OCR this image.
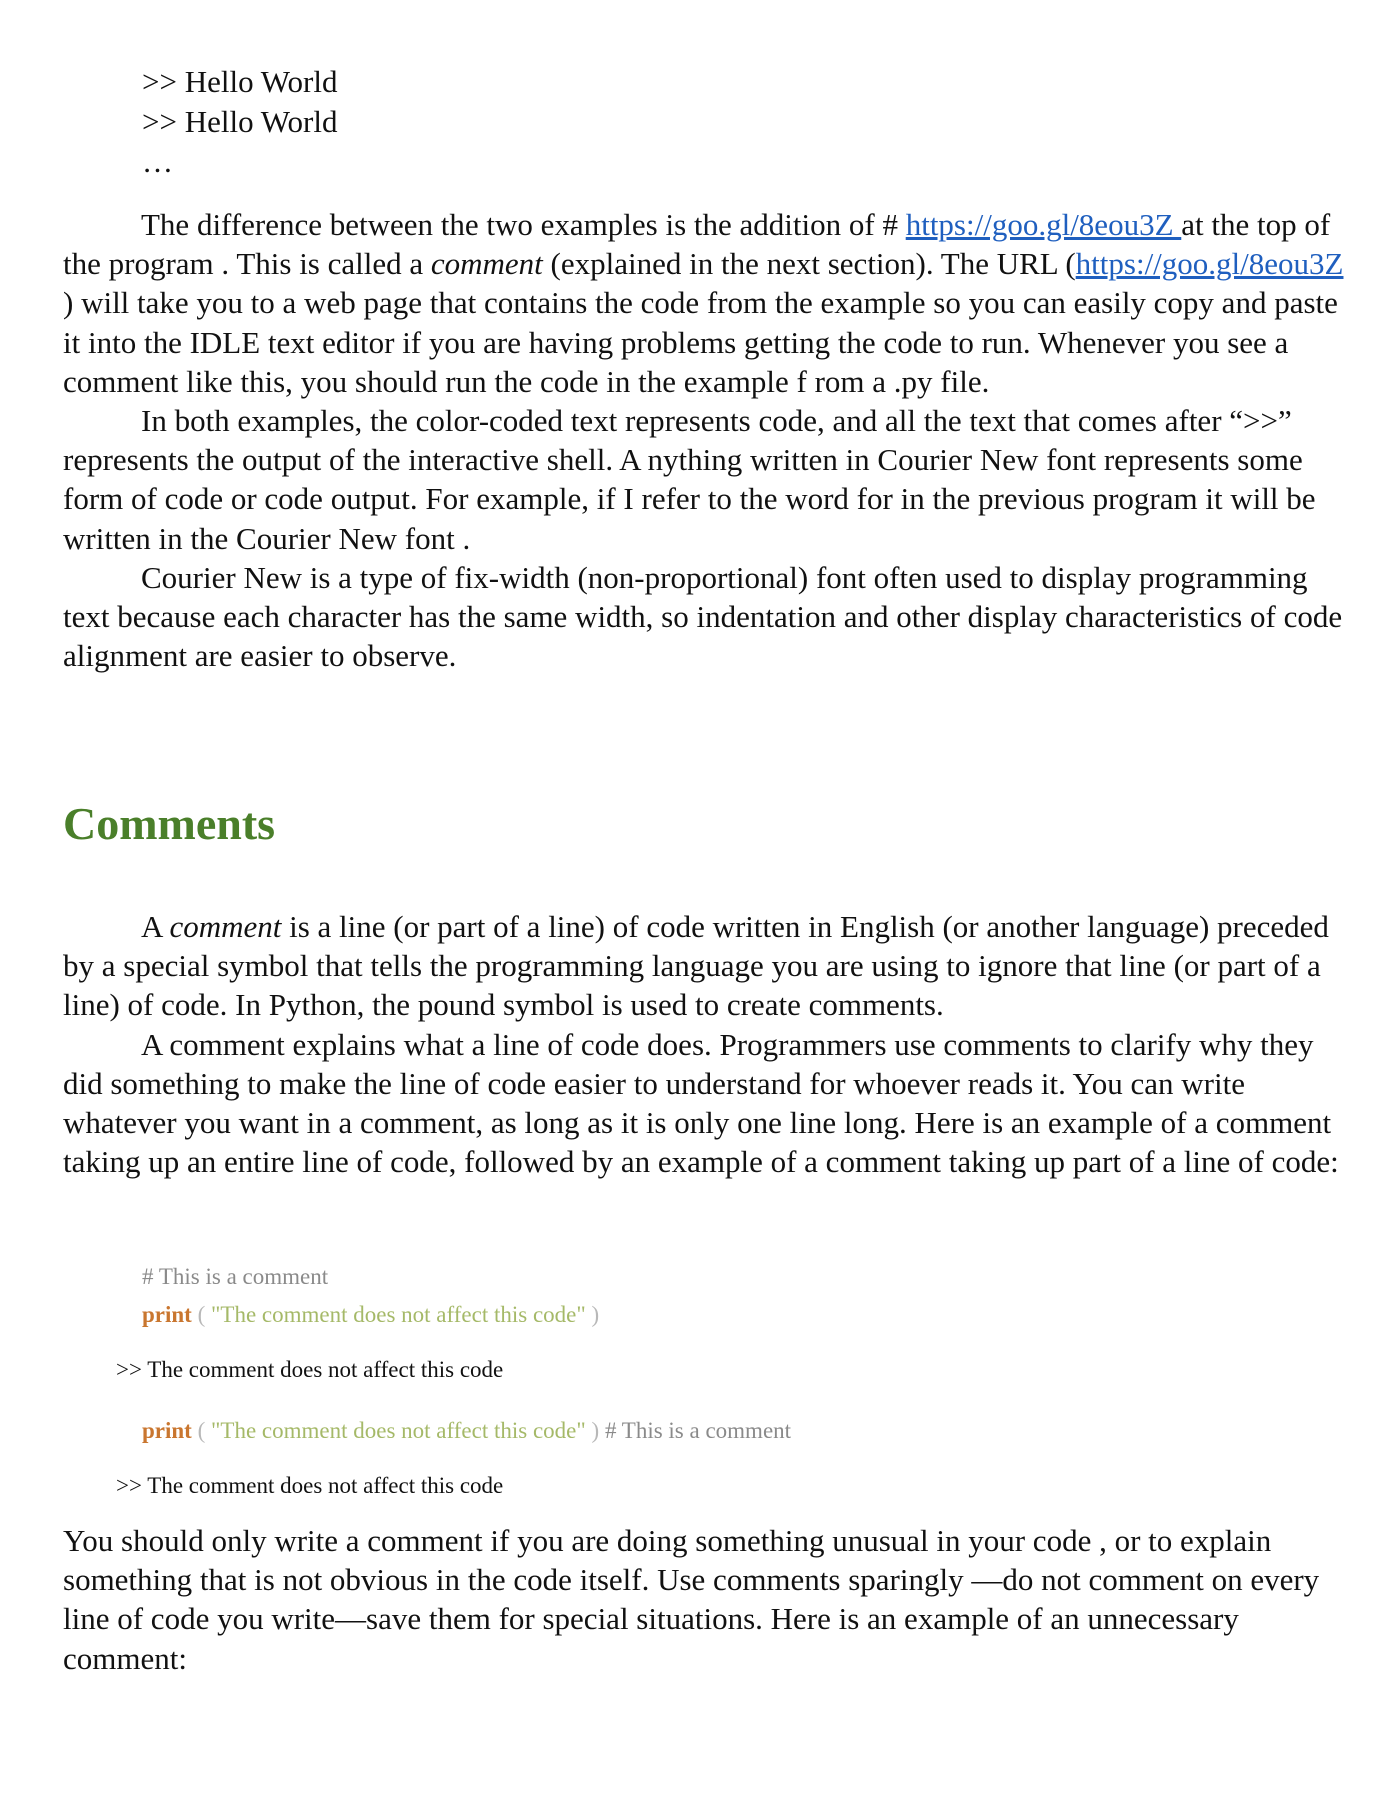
>> Hello World

>> Hello World

…

The difference between the two examples is the addition of # https://goo.gl/8eou3Z at the top of the program . This is called a comment (explained in the next section). The URL (https://goo.gl/8eou3Z ) will take you to a web page that contains the code from the example so you can easily copy and paste it into the IDLE text editor if you are having problems getting the code to run. Whenever you see a comment like this, you should run the code in the example f rom a .py file.

In both examples, the color-coded text represents code, and all the text that comes after “>>” represents the output of the interactive shell. A nything written in Courier New font represents some form of code or code output. For example, if I refer to the word for in the previous program it will be written in the Courier New font .

Courier New is a type of fix-width (non-proportional) font often used to display programming text because each character has the same width, so indentation and other display characteristics of code alignment are easier to observe.

Comments

A comment is a line (or part of a line) of code written in English (or another language) preceded by a special symbol that tells the programming language you are using to ignore that line (or part of a line) of code. In Python, the pound symbol is used to create comments.

A comment explains what a line of code does. Programmers use comments to clarify why they did something to make the line of code easier to understand for whoever reads it. You can write whatever you want in a comment, as long as it is only one line long. Here is an example of a comment taking up an entire line of code, followed by an example of a comment taking up part of a line of code:

# This is a comment

print ( "The comment does not affect this code" )

>> The comment does not affect this code

print ( "The comment does not affect this code" ) # This is a comment

>> The comment does not affect this code

You should only write a comment if you are doing something unusual in your code , or to explain something that is not obvious in the code itself. Use comments sparingly —do not comment on every line of code you write—save them for special situations. Here is an example of an unnecessary comment:
